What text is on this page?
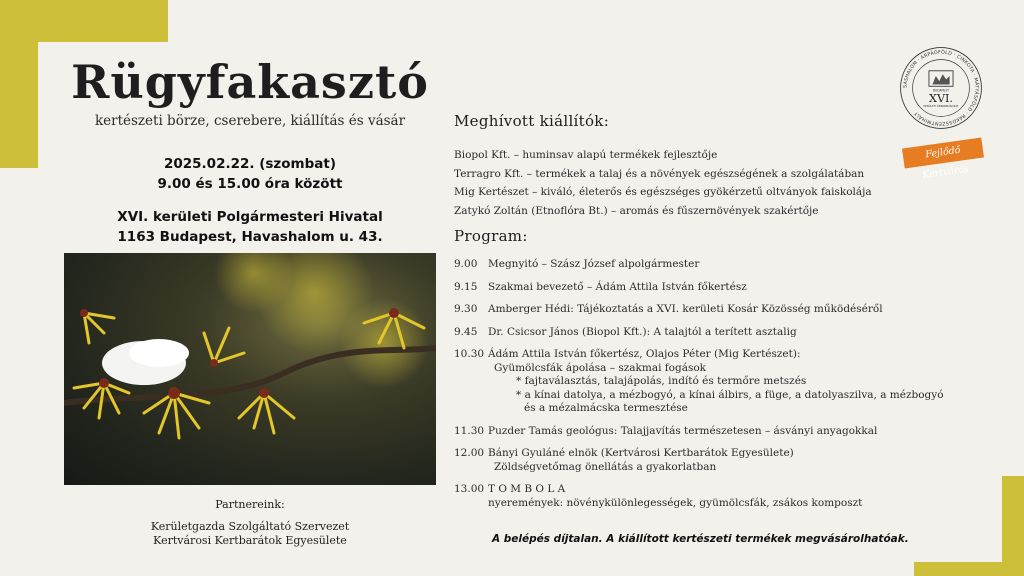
Rügyfakasztó
kertészeti börze, cserebere, kiállítás és vásár
2025.02.22. (szombat)
9.00 és 15.00 óra között
XVI. kerületi Polgármesteri Hivatal
1163 Budapest, Havashalom u. 43.
Partnereink:
Kerületgazda Szolgáltató Szervezet
Kertvárosi Kertbarátok Egyesülete
Meghívott kiállítók:
Biopol Kft. – huminsav alapú termékek fejlesztője
Terragro Kft. – termékek a talaj és a növények egészségének a szolgálatában
Mig Kertészet – kiváló, életerős és egészséges gyökérzetű oltványok faiskolája
Zatykó Zoltán (Etnoflóra Bt.) – aromás és fűszernövények szakértője
Program:
9.00	Megnyitó – Szász József alpolgármester
9.15	Szakmai bevezető – Ádám Attila István főkertész
9.30	Amberger Hédi: Tájékoztatás a XVI. kerületi Kosár Közösség működéséről
9.45	Dr. Csicsor János (Biopol Kft.): A talajtól a terített asztalig
10.30 Ádám Attila István főkertész, Olajos Péter (Mig Kertészet):
Gyümölcsfák ápolása – szakmai fogások
* fajtaválasztás, talajápolás, indító és termőre metszés
* a kínai datolya, a mézbogyó, a kínai álbirs, a füge, a datolyaszilva, a mézbogyó
és a mézalmácska termesztése
11.30 Puzder Tamás geológus: Talajjavítás természetesen – ásványi anyagokkal
12.00 Bányi Gyuláné elnök (Kertvárosi Kertbarátok Egyesülete)
Zöldségvetőmag önellátás a gyakorlatban
13.00 T O M B O L A
nyeremények: növénykülönlegességek, gyümölcsfák, zsákos komposzt
A belépés díjtalan. A kiállított kertészeti termékek megvásárolhatóak.
SASHALOM · ÁRPÁDFÖLD · CINKOTA · MÁTYÁSFÖLD · RÁKOSSZENTMIHÁLY
BUDAPEST
XVI.
KERÜLETI ÖNKORMÁNYZAT
Fejlődő Kertváros
